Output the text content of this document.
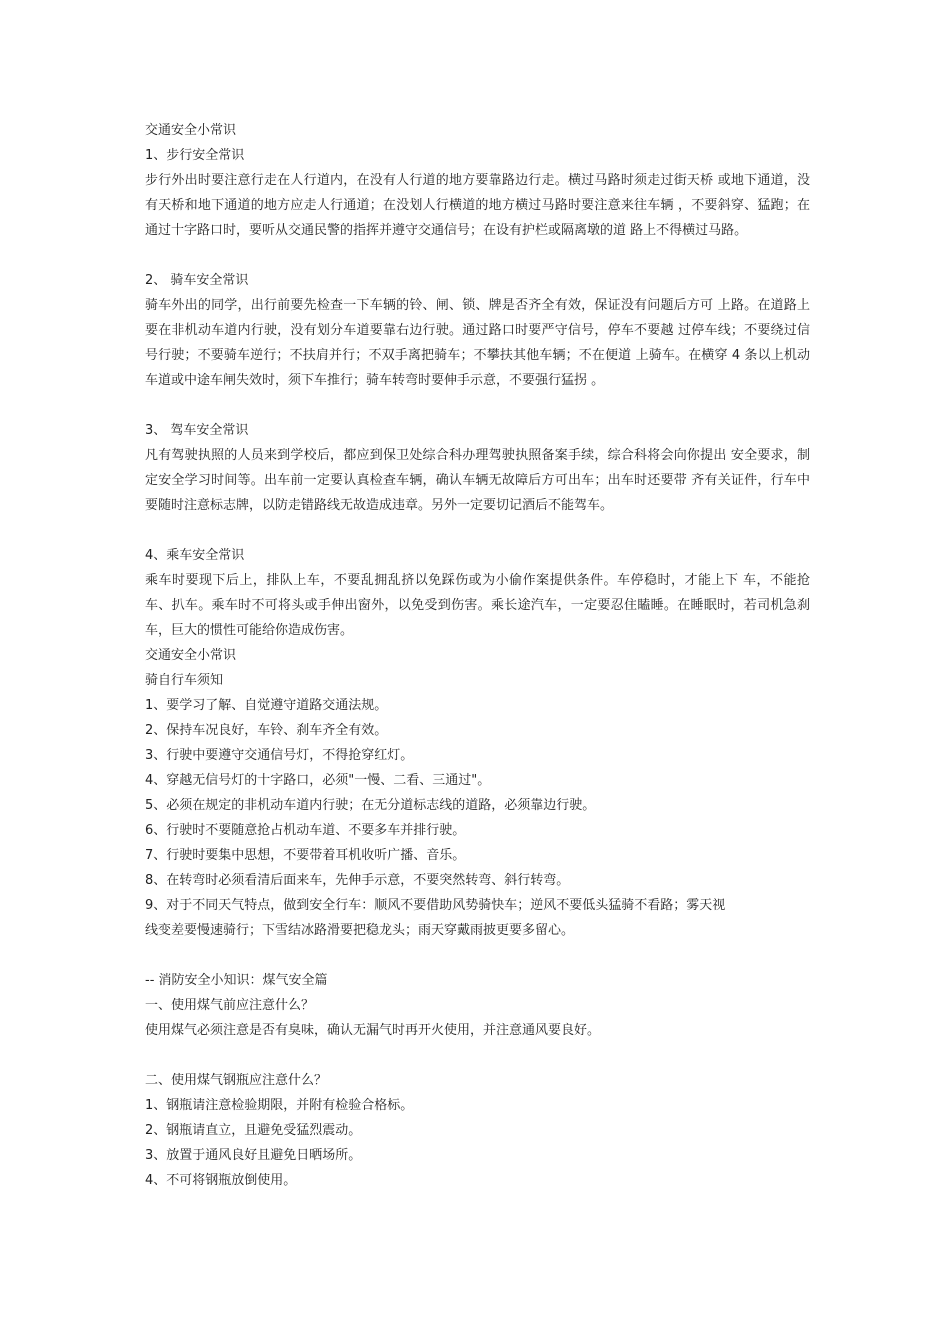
交通安全小常识

1、步行安全常识

步行外出时要注意行走在人行道内，在没有人行道的地方要靠路边行走。横过马路时须走过街天桥 或地下通道，没有天桥和地下通道的地方应走人行通道；在没划人行横道的地方横过马路时要注意来往车辆 ，不要斜穿、猛跑；在通过十字路口时，要听从交通民警的指挥并遵守交通信号；在设有护栏或隔离墩的道 路上不得横过马路。

2、 骑车安全常识

骑车外出的同学，出行前要先检查一下车辆的铃、闸、锁、牌是否齐全有效，保证没有问题后方可 上路。在道路上要在非机动车道内行驶，没有划分车道要靠右边行驶。通过路口时要严守信号，停车不要越 过停车线；不要绕过信号行驶；不要骑车逆行；不扶肩并行；不双手离把骑车；不攀扶其他车辆；不在便道 上骑车。在横穿 4 条以上机动车道或中途车闸失效时，须下车推行；骑车转弯时要伸手示意，不要强行猛拐 。

3、 驾车安全常识

凡有驾驶执照的人员来到学校后，都应到保卫处综合科办理驾驶执照备案手续，综合科将会向你提出 安全要求，制定安全学习时间等。出车前一定要认真检查车辆，确认车辆无故障后方可出车；出车时还要带 齐有关证件，行车中要随时注意标志牌，以防走错路线无故造成违章。另外一定要切记酒后不能驾车。

4、乘车安全常识

乘车时要现下后上，排队上车，不要乱拥乱挤以免踩伤或为小偷作案提供条件。车停稳时，才能上下 车，不能抢车、扒车。乘车时不可将头或手伸出窗外，以免受到伤害。乘长途汽车，一定要忍住瞌睡。在睡眠时，若司机急刹车，巨大的惯性可能给你造成伤害。

交通安全小常识

骑自行车须知

1、要学习了解、自觉遵守道路交通法规。

2、保持车况良好，车铃、刹车齐全有效。

3、行驶中要遵守交通信号灯，不得抢穿红灯。

4、穿越无信号灯的十字路口，必须"一慢、二看、三通过"。

5、必须在规定的非机动车道内行驶；在无分道标志线的道路，必须靠边行驶。

6、行驶时不要随意抢占机动车道、不要多车并排行驶。

7、行驶时要集中思想，不要带着耳机收听广播、音乐。

8、在转弯时必须看清后面来车，先伸手示意，不要突然转弯、斜行转弯。

9、对于不同天气特点，做到安全行车：顺风不要借助风势骑快车；逆风不要低头猛骑不看路；雾天视

线变差要慢速骑行；下雪结冰路滑要把稳龙头；雨天穿戴雨披更要多留心。

-- 消防安全小知识：煤气安全篇

一、使用煤气前应注意什么？

使用煤气必须注意是否有臭味，确认无漏气时再开火使用，并注意通风要良好。

二、使用煤气钢瓶应注意什么？

1、钢瓶请注意检验期限，并附有检验合格标。

2、钢瓶请直立，且避免受猛烈震动。

3、放置于通风良好且避免日晒场所。

4、不可将钢瓶放倒使用。
